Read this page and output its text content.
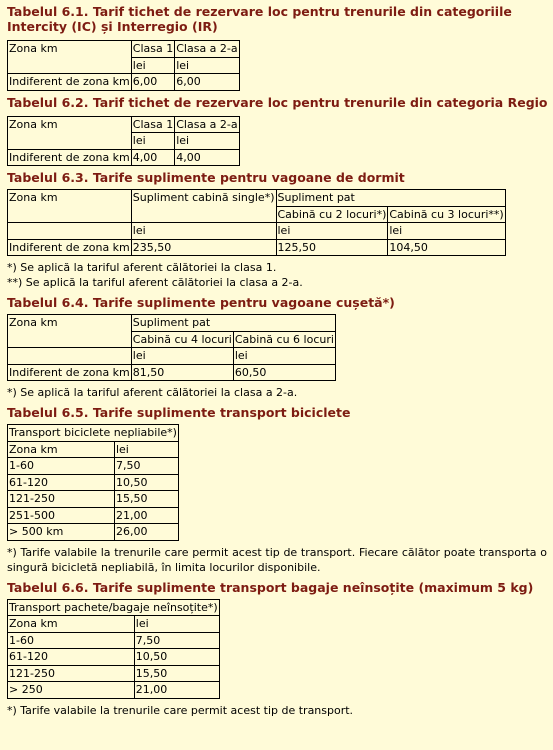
Tabelul 6.1. Tarif tichet de rezervare loc pentru trenurile din categoriile Intercity (IC) și Interregio (IR)
Zona km	Clasa 1	Clasa a 2-a
	lei	lei
Indiferent de zona km	6,00	6,00
Tabelul 6.2. Tarif tichet de rezervare loc pentru trenurile din categoria Regio
Zona km	Clasa 1	Clasa a 2-a
	lei	lei
Indiferent de zona km	4,00	4,00
Tabelul 6.3. Tarife suplimente pentru vagoane de dormit
Zona km	Supliment cabină single*)	Supliment pat	
		Cabină cu 2 locuri*)	Cabină cu 3 locuri**)
	lei	lei	lei
Indiferent de zona km	235,50	125,50	104,50

*) Se aplică la tariful aferent călătoriei la clasa 1.

**) Se aplică la tariful aferent călătoriei la clasa a 2-a.

Tabelul 6.4. Tarife suplimente pentru vagoane cușetă*)
Zona km	Supliment pat	
	Cabină cu 4 locuri	Cabină cu 6 locuri
	lei	lei
Indiferent de zona km	81,50	60,50

*) Se aplică la tariful aferent călătoriei la clasa a 2-a.

Tabelul 6.5. Tarife suplimente transport biciclete
Transport biciclete nepliabile*)	
Zona km	lei
1-60	7,50
61-120	10,50
121-250	15,50
251-500	21,00
> 500 km	26,00

*) Tarife valabile la trenurile care permit acest tip de transport. Fiecare călător poate transporta o singură bicicletă nepliabilă, în limita locurilor disponibile.

Tabelul 6.6. Tarife suplimente transport bagaje neînsoțite (maximum 5 kg)
Transport pachete/bagaje neînsoțite*)	
Zona km	lei
1-60	7,50
61-120	10,50
121-250	15,50
> 250	21,00

*) Tarife valabile la trenurile care permit acest tip de transport.
